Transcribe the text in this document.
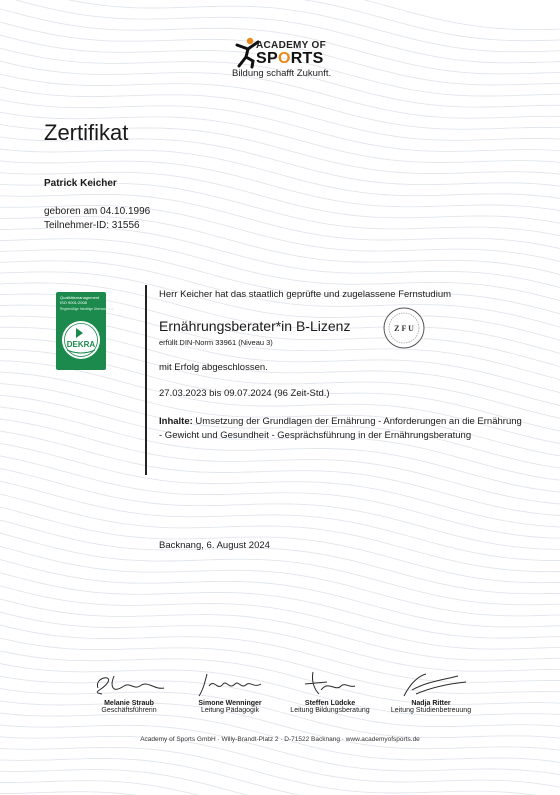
ACADEMY OF
SPORTS
Bildung schafft Zukunft.
Zertifikat
Patrick Keicher
geboren am 04.10.1996
Teilnehmer-ID: 31556
Qualitätsmanagement
ISO 9001:2008
Regelmäßige freiwillige Überwachung
DEKRA
Herr Keicher hat das staatlich geprüfte und zugelassene Fernstudium
Ernährungsberater*in B-Lizenz
erfüllt DIN-Norm 33961 (Niveau 3)
Z F U
mit Erfolg abgeschlossen.
27.03.2023 bis 09.07.2024 (96 Zeit-Std.)
Inhalte: Umsetzung der Grundlagen der Ernährung - Anforderungen an die Ernährung - Gewicht und Gesundheit - Gesprächsführung in der Ernährungsberatung
Backnang, 6. August 2024
Melanie Straub
Geschäftsführerin
Simone Wenninger
Leitung Pädagogik
Steffen Lüdcke
Leitung Bildungsberatung
Nadja Ritter
Leitung Studienbetreuung
Academy of Sports GmbH · Willy-Brandt-Platz 2 · D-71522 Backnang · www.academyofsports.de
